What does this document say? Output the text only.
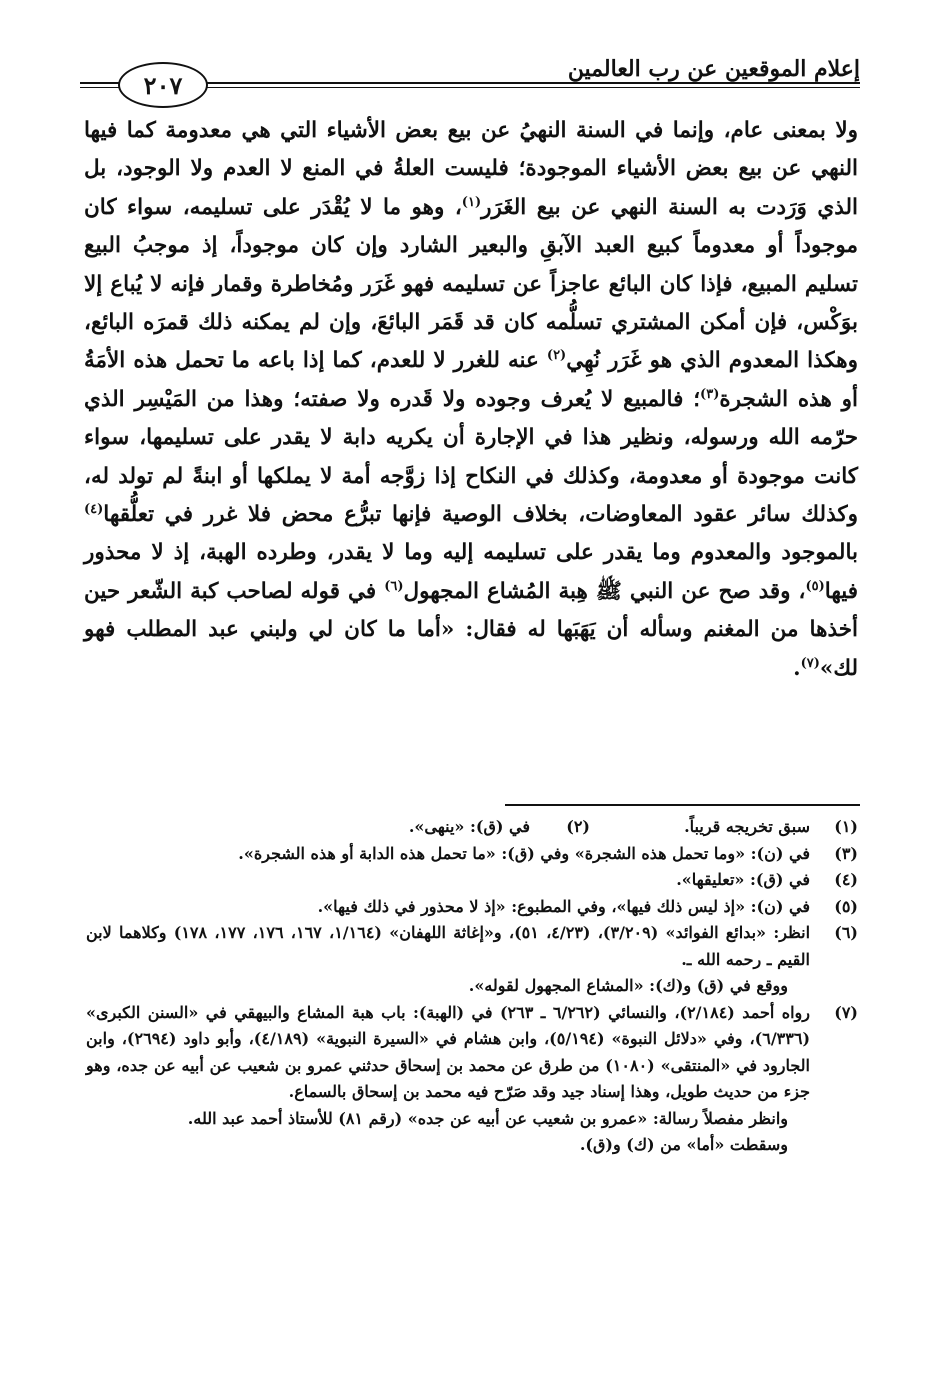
إعلام الموقعين عن رب العالمين
٢٠٧

ولا بمعنى عام، وإنما في السنة النهيُ عن بيع بعض الأشياء التي هي معدومة كما فيها النهي عن بيع بعض الأشياء الموجودة؛ فليست العلةُ في المنع لا العدم ولا الوجود، بل الذي وَرَدت به السنة النهي عن بيع الغَرَر$^{(١)}$، وهو ما لا يُقْدَر على تسليمه، سواء كان موجوداً أو معدوماً كبيع العبد الآبقِ والبعير الشارد وإن كان موجوداً، إذ موجبُ البيع تسليم المبيع، فإذا كان البائع عاجزاً عن تسليمه فهو غَرَر ومُخاطرة وقمار فإنه لا يُباع إلا بوَكْس، فإن أمكن المشتري تسلُّمه كان قد قَمَر البائعَ، وإن لم يمكنه ذلك قمرَه البائع، وهكذا المعدوم الذي هو غَرَر نُهِي$^{(٢)}$ عنه للغرر لا للعدم، كما إذا باعه ما تحمل هذه الأمَةُ أو هذه الشجرة$^{(٣)}$؛ فالمبيع لا يُعرف وجوده ولا قَدره ولا صفته؛ وهذا من المَيْسِر الذي حرّمه الله ورسوله، ونظير هذا في الإجارة أن يكريه دابة لا يقدر على تسليمها، سواء كانت موجودة أو معدومة، وكذلك في النكاح إذا زوَّجه أمة لا يملكها أو ابنةً لم تولد له، وكذلك سائر عقود المعاوضات، بخلاف الوصية فإنها تبرُّع محض فلا غرر في تعلُّقها$^{(٤)}$ بالموجود والمعدوم وما يقدر على تسليمه إليه وما لا يقدر، وطرده الهبة، إذ لا محذور فيها$^{(٥)}$، وقد صح عن النبي ﷺ هِبة المُشاع المجهول$^{(٦)}$ في قوله لصاحب كبة الشّعر حين أخذها من المغنم وسأله أن يَهَبَها له فقال: «أما ما كان لي ولبني عبد المطلب فهو لك»$^{(٧)}$.

(١)
سبق تخريجه قريباً.
(٢)
في (ق): «ينهى».
(٣)
في (ن): «وما تحمل هذه الشجرة» وفي (ق): «ما تحمل هذه الدابة أو هذه الشجرة».
(٤)
في (ق): «تعليقها».
(٥)
في (ن): «إذ ليس ذلك فيها»، وفي المطبوع: «إذ لا محذور في ذلك فيها».
(٦)
انظر: «بدائع الفوائد» (٣/٢٠٩)، (٤/٢٣، ٥١)، و«إغاثة اللهفان» (١/١٦٤، ١٦٧، ١٧٦، ١٧٧، ١٧٨) وكلاهما لابن القيم ـ رحمه الله ـ.
ووقع في (ق) و(ك): «المشاع المجهول لقوله».
(٧)
رواه أحمد (٢/١٨٤)، والنسائي (٦/٢٦٢ ـ ٢٦٣) في (الهبة): باب هبة المشاع والبيهقي في «السنن الكبرى» (٦/٣٣٦)، وفي «دلائل النبوة» (٥/١٩٤)، وابن هشام في «السيرة النبوية» (٤/١٨٩)، وأبو داود (٢٦٩٤)، وابن الجارود في «المنتقى» (١٠٨٠) من طرق عن محمد بن إسحاق حدثني عمرو بن شعيب عن أبيه عن جده، وهو جزء من حديث طويل، وهذا إسناد جيد وقد صَرّح فيه محمد بن إسحاق بالسماع.
وانظر مفصلاً رسالة: «عمرو بن شعيب عن أبيه عن جده» (رقم ٨١) للأستاذ أحمد عبد الله.
وسقطت «أما» من (ك) و(ق).
